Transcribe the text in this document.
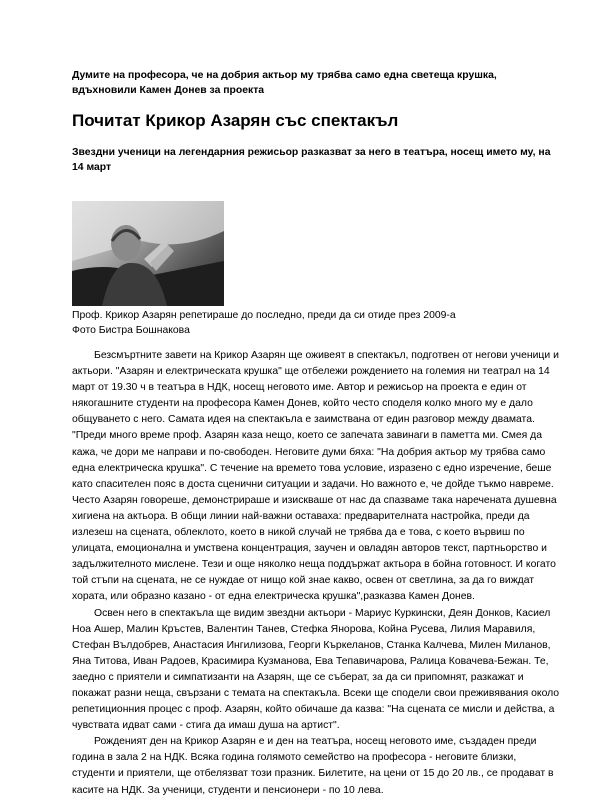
Думите на професора, че на добрия актьор му трябва само една светеща крушка, вдъхновили Камен Донев за проекта

Почитат Крикор Азарян със спектакъл

Звездни ученици на легендарния режисьор разказват за него в театъра, носещ името му, на 14 март

Проф. Крикор Азарян репетираше до последно, преди да си отиде през 2009-а
Фото Бистра Бошнакова

Безсмъртните завети на Крикор Азарян ще оживеят в спектакъл, подготвен от негови ученици и актьори. "Азарян и електрическата крушка" ще отбележи рождението на големия ни театрал на 14 март от 19.30 ч в театъра в НДК, носещ неговото име. Автор и режисьор на проекта е един от някогашните студенти на професора Камен Донев, който често споделя колко много му е дало общуването с него. Самата идея на спектакъла е заимствана от един разговор между двамата. "Преди много време проф. Азарян каза нещо, което се запечата завинаги в паметта ми. Смея да кажа, че дори ме направи и по-свободен. Неговите думи бяха: "На добрия актьор му трябва само една електрическа крушка". С течение на времето това условие, изразено с едно изречение, беше като спасителен пояс в доста сценични ситуации и задачи. Но важното е, че дойде тъкмо навреме. Често Азарян говореше, демонстрираше и изискваше от нас да спазваме така наречената душевна хигиена на актьора. В общи линии най-важни оставаха: предварителната настройка, преди да излезеш на сцената, облеклото, което в никой случай не трябва да е това, с което вървиш по улицата, емоционална и умствена концентрация, заучен и овладян авторов текст, партньорство и задължителното мислене. Тези и още няколко неща поддържат актьора в бойна готовност. И когато той стъпи на сцената, не се нуждае от нищо кой знае какво, освен от светлина, за да го виждат хората, или образно казано - от една електрическа крушка",разказва Камен Донев.

Освен него в спектакъла ще видим звездни актьори - Мариус Куркински, Деян Донков, Касиел Ноа Ашер, Малин Кръстев, Валентин Танев, Стефка Янорова, Койна Русева, Лилия Маравиля, Стефан Вълдобрев, Анастасия Ингилизова, Георги Къркеланов, Станка Калчева, Милен Миланов, Яна Титова, Иван Радоев, Красимира Кузманова, Ева Тепавичарова, Ралица Ковачева-Бежан. Те, заедно с приятели и симпатизанти на Азарян, ще се съберат, за да си припомнят, разкажат и покажат разни неща, свързани с темата на спектакъла. Всеки ще сподели свои преживявания около репетиционния процес с проф. Азарян, който обичаше да казва: "На сцената се мисли и действа, а чувствата идват сами - стига да имаш душа на артист".

Рожденият ден на Крикор Азарян е и ден на театъра, носещ неговото име, създаден преди година в зала 2 на НДК. Всяка година голямото семейство на професора - неговите близки, студенти и приятели, ще отбелязват този празник. Билетите, на цени от 15 до 20 лв., се продават в касите на НДК. За ученици, студенти и пенсионери - по 10 лева.
